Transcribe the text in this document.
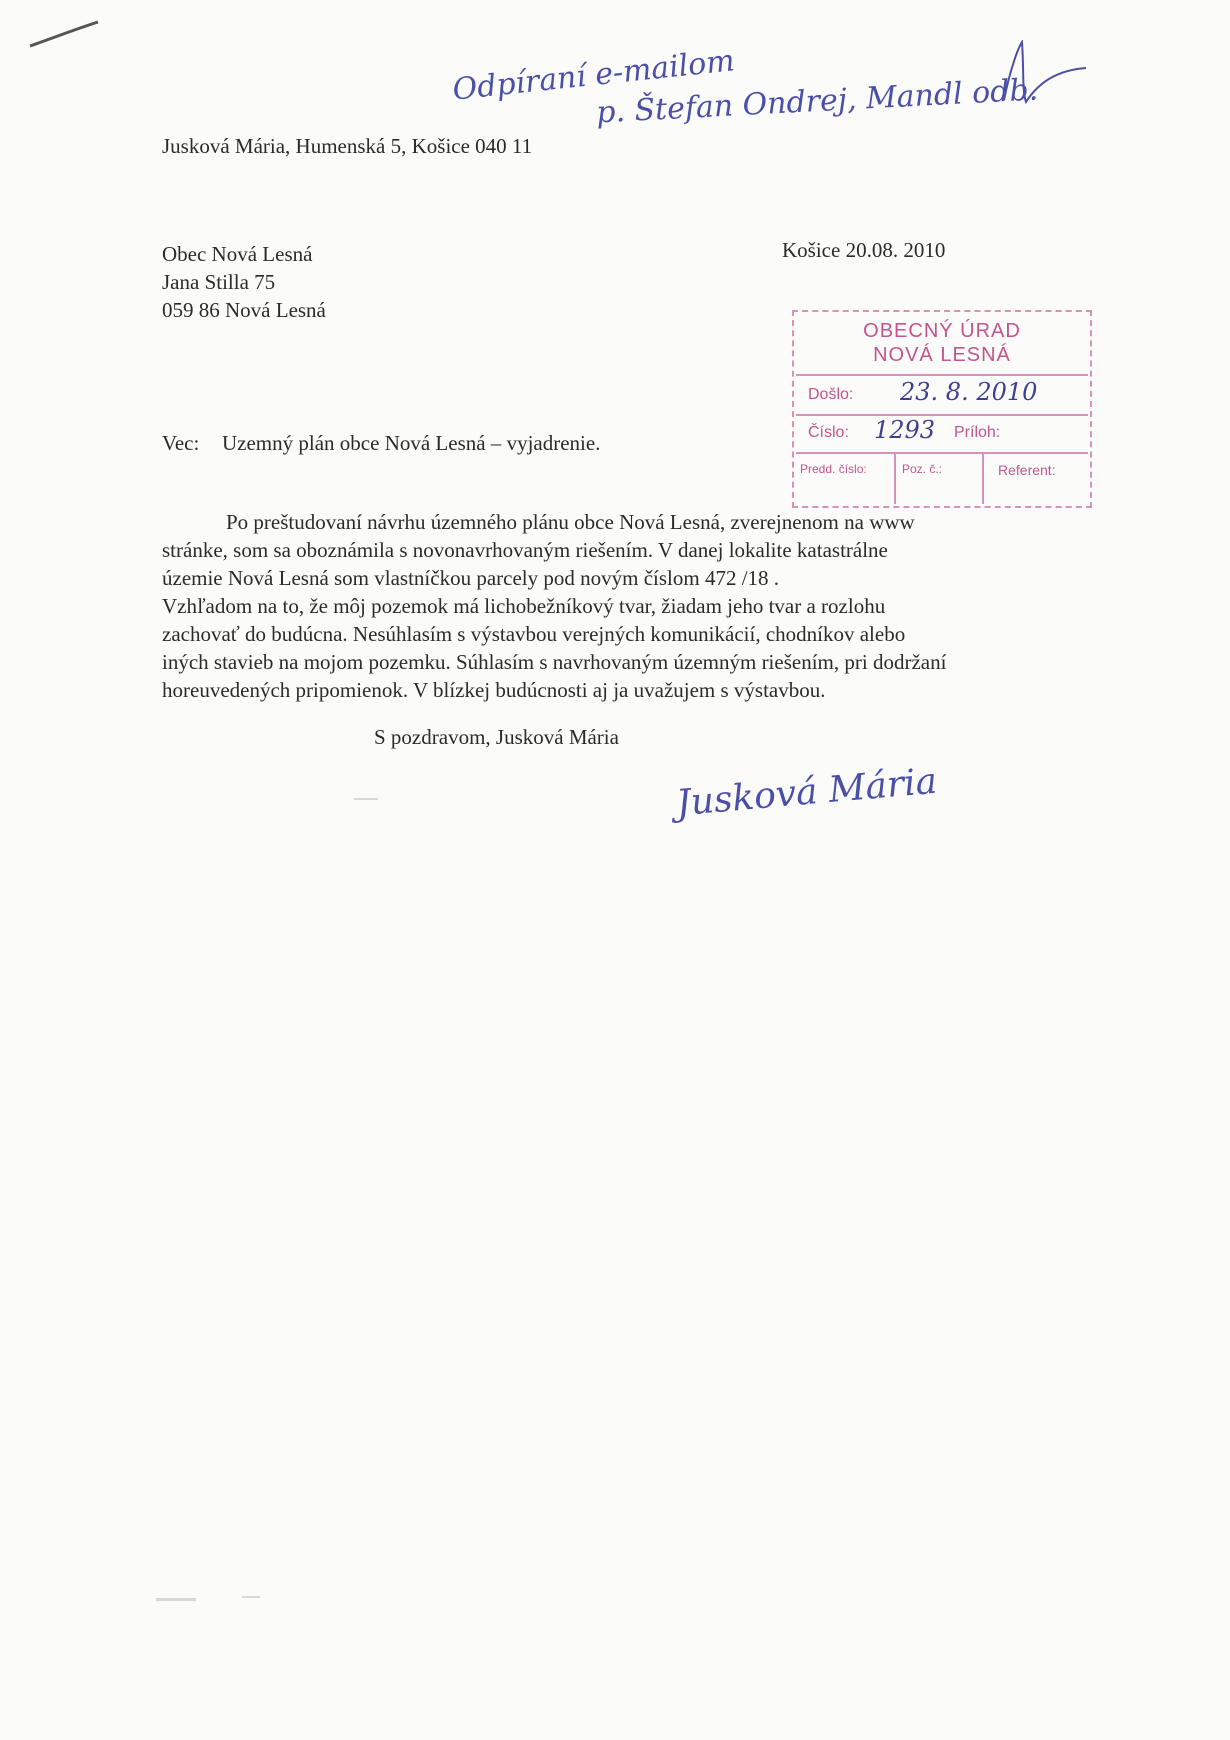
Odpíraní e-mailom
p. Štefan Ondrej, Mandl odb.
Jusková Mária, Humenská 5, Košice 040 11
Obec Nová Lesná
Jana Stilla 75
059 86 Nová Lesná
Košice 20.08. 2010
OBECNÝ ÚRAD
NOVÁ LESNÁ
Došlo: 23. 8. 2010
Číslo: 1293 Príloh:
Predd. číslo:	Poz. č.:	Referent:
Vec: Uzemný plán obce Nová Lesná – vyjadrenie.
Po preštudovaní návrhu územného plánu obce Nová Lesná, zverejnenom na www
stránke, som sa oboznámila s novonavrhovaným riešením. V danej lokalite katastrálne
územie Nová Lesná som vlastníčkou parcely pod novým číslom 472 /18 .
Vzhľadom na to, že môj pozemok má lichobežníkový tvar, žiadam jeho tvar a rozlohu
zachovať do budúcna. Nesúhlasím s výstavbou verejných komunikácií, chodníkov alebo
iných stavieb na mojom pozemku. Súhlasím s navrhovaným územným riešením, pri dodržaní
horeuvedených pripomienok. V blízkej budúcnosti aj ja uvažujem s výstavbou.
S pozdravom, Jusková Mária
Jusková Mária
